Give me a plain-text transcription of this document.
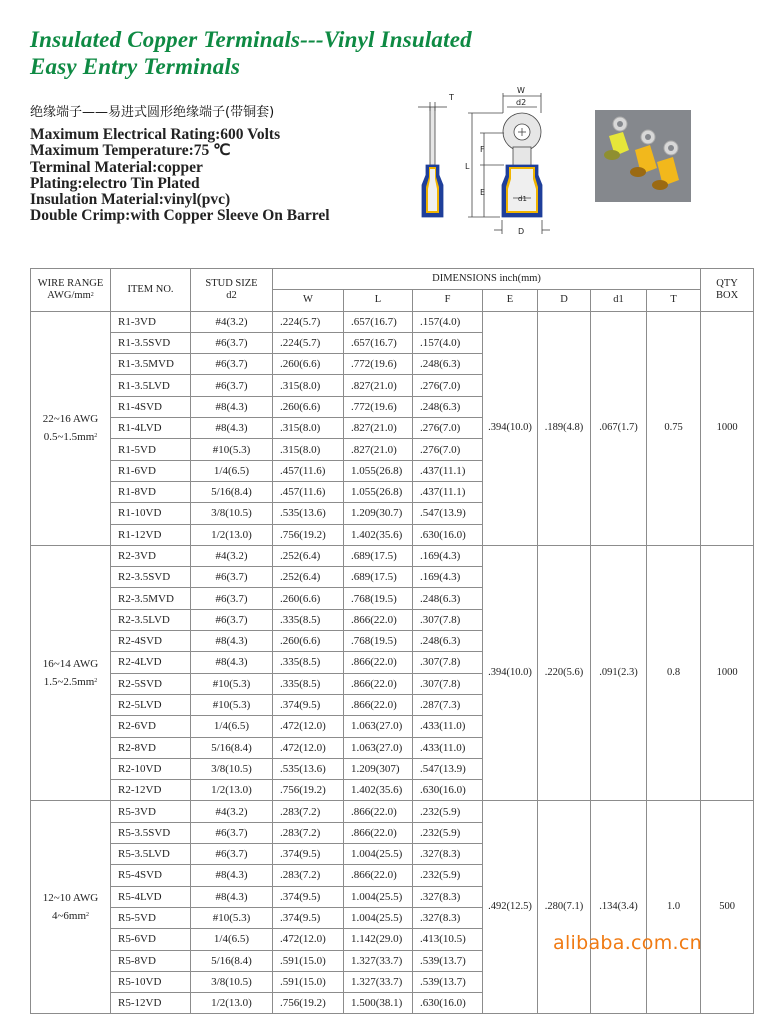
Insulated Copper Terminals---Vinyl Insulated
Easy Entry Terminals
绝缘端子——易进式圆形绝缘端子(带铜套)
Maximum Electrical Rating:600 Volts
Maximum Temperature:75 ℃
Terminal Material:copper
Plating:electro Tin Plated
Insulation Material:vinyl(pvc)
Double Crimp:with Copper Sleeve On Barrel
T
W
d2
L
F
E
d1
D
WIRE RANGE
AWG/$mm^2$	ITEM NO.	STUD SIZE
d2	DIMENSIONS inch(mm)							QTY
BOX
			W	L	F	E	D	d1	T	
22~16 AWG
$0.5\sim 1.5mm^2$	R1-3VD	#4(3.2)	.224(5.7)	.657(16.7)	.157(4.0)	.394(10.0)	.189(4.8)	.067(1.7)	0.75	1000
	R1-3.5SVD	#6(3.7)	.224(5.7)	.657(16.7)	.157(4.0)					
	R1-3.5MVD	#6(3.7)	.260(6.6)	.772(19.6)	.248(6.3)					
	R1-3.5LVD	#6(3.7)	.315(8.0)	.827(21.0)	.276(7.0)					
	R1-4SVD	#8(4.3)	.260(6.6)	.772(19.6)	.248(6.3)					
	R1-4LVD	#8(4.3)	.315(8.0)	.827(21.0)	.276(7.0)					
	R1-5VD	#10(5.3)	.315(8.0)	.827(21.0)	.276(7.0)					
	R1-6VD	1/4(6.5)	.457(11.6)	1.055(26.8)	.437(11.1)					
	R1-8VD	5/16(8.4)	.457(11.6)	1.055(26.8)	.437(11.1)					
	R1-10VD	3/8(10.5)	.535(13.6)	1.209(30.7)	.547(13.9)					
	R1-12VD	1/2(13.0)	.756(19.2)	1.402(35.6)	.630(16.0)					
16~14 AWG
$1.5\sim 2.5mm^2$	R2-3VD	#4(3.2)	.252(6.4)	.689(17.5)	.169(4.3)	.394(10.0)	.220(5.6)	.091(2.3)	0.8	1000
	R2-3.5SVD	#6(3.7)	.252(6.4)	.689(17.5)	.169(4.3)					
	R2-3.5MVD	#6(3.7)	.260(6.6)	.768(19.5)	.248(6.3)					
	R2-3.5LVD	#6(3.7)	.335(8.5)	.866(22.0)	.307(7.8)					
	R2-4SVD	#8(4.3)	.260(6.6)	.768(19.5)	.248(6.3)					
	R2-4LVD	#8(4.3)	.335(8.5)	.866(22.0)	.307(7.8)					
	R2-5SVD	#10(5.3)	.335(8.5)	.866(22.0)	.307(7.8)					
	R2-5LVD	#10(5.3)	.374(9.5)	.866(22.0)	.287(7.3)					
	R2-6VD	1/4(6.5)	.472(12.0)	1.063(27.0)	.433(11.0)					
	R2-8VD	5/16(8.4)	.472(12.0)	1.063(27.0)	.433(11.0)					
	R2-10VD	3/8(10.5)	.535(13.6)	1.209(307)	.547(13.9)					
	R2-12VD	1/2(13.0)	.756(19.2)	1.402(35.6)	.630(16.0)					
12~10 AWG
$4\sim 6mm^2$	R5-3VD	#4(3.2)	.283(7.2)	.866(22.0)	.232(5.9)	.492(12.5)	.280(7.1)	.134(3.4)	1.0	500
	R5-3.5SVD	#6(3.7)	.283(7.2)	.866(22.0)	.232(5.9)					
	R5-3.5LVD	#6(3.7)	.374(9.5)	1.004(25.5)	.327(8.3)					
	R5-4SVD	#8(4.3)	.283(7.2)	.866(22.0)	.232(5.9)					
	R5-4LVD	#8(4.3)	.374(9.5)	1.004(25.5)	.327(8.3)					
	R5-5VD	#10(5.3)	.374(9.5)	1.004(25.5)	.327(8.3)					
	R5-6VD	1/4(6.5)	.472(12.0)	1.142(29.0)	.413(10.5)					
	R5-8VD	5/16(8.4)	.591(15.0)	1.327(33.7)	.539(13.7)					
	R5-10VD	3/8(10.5)	.591(15.0)	1.327(33.7)	.539(13.7)					
	R5-12VD	1/2(13.0)	.756(19.2)	1.500(38.1)	.630(16.0)					
alibaba.com.cn
